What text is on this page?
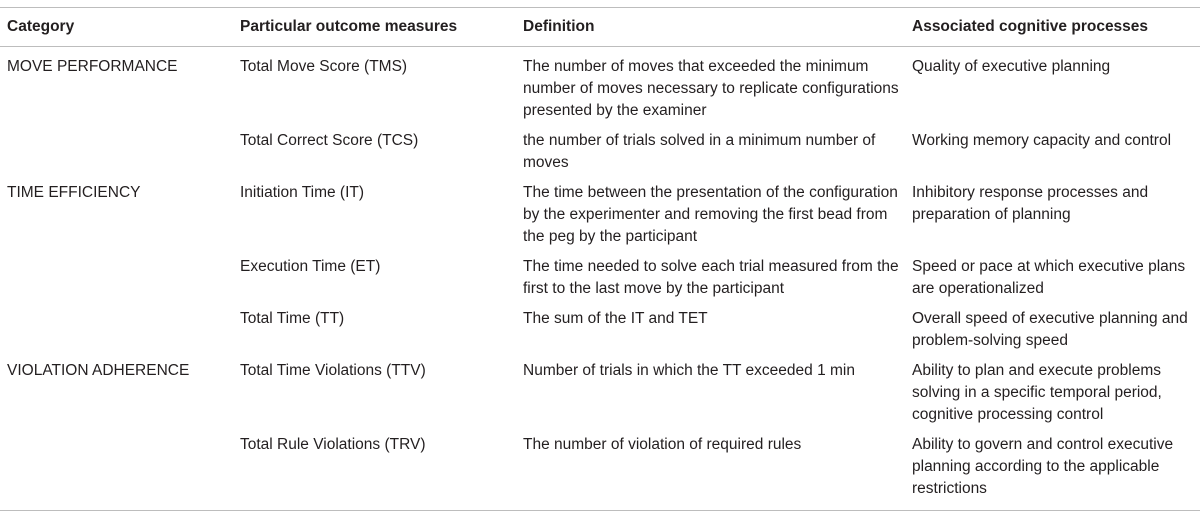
Category	Particular outcome measures	Definition	Associated cognitive processes
MOVE PERFORMANCE	Total Move Score (TMS)	The number of moves that exceeded the minimum number of moves necessary to replicate configurations presented by the examiner	Quality of executive planning
	Total Correct Score (TCS)	the number of trials solved in a minimum number of moves	Working memory capacity and control
TIME EFFICIENCY	Initiation Time (IT)	The time between the presentation of the configuration by the experimenter and removing the first bead from the peg by the participant	Inhibitory response processes and preparation of planning
	Execution Time (ET)	The time needed to solve each trial measured from the first to the last move by the participant	Speed or pace at which executive plans are operationalized
	Total Time (TT)	The sum of the IT and TET	Overall speed of executive planning and problem-solving speed
VIOLATION ADHERENCE	Total Time Violations (TTV)	Number of trials in which the TT exceeded 1 min	Ability to plan and execute problems solving in a specific temporal period, cognitive processing control
	Total Rule Violations (TRV)	The number of violation of required rules	Ability to govern and control executive planning according to the applicable restrictions
